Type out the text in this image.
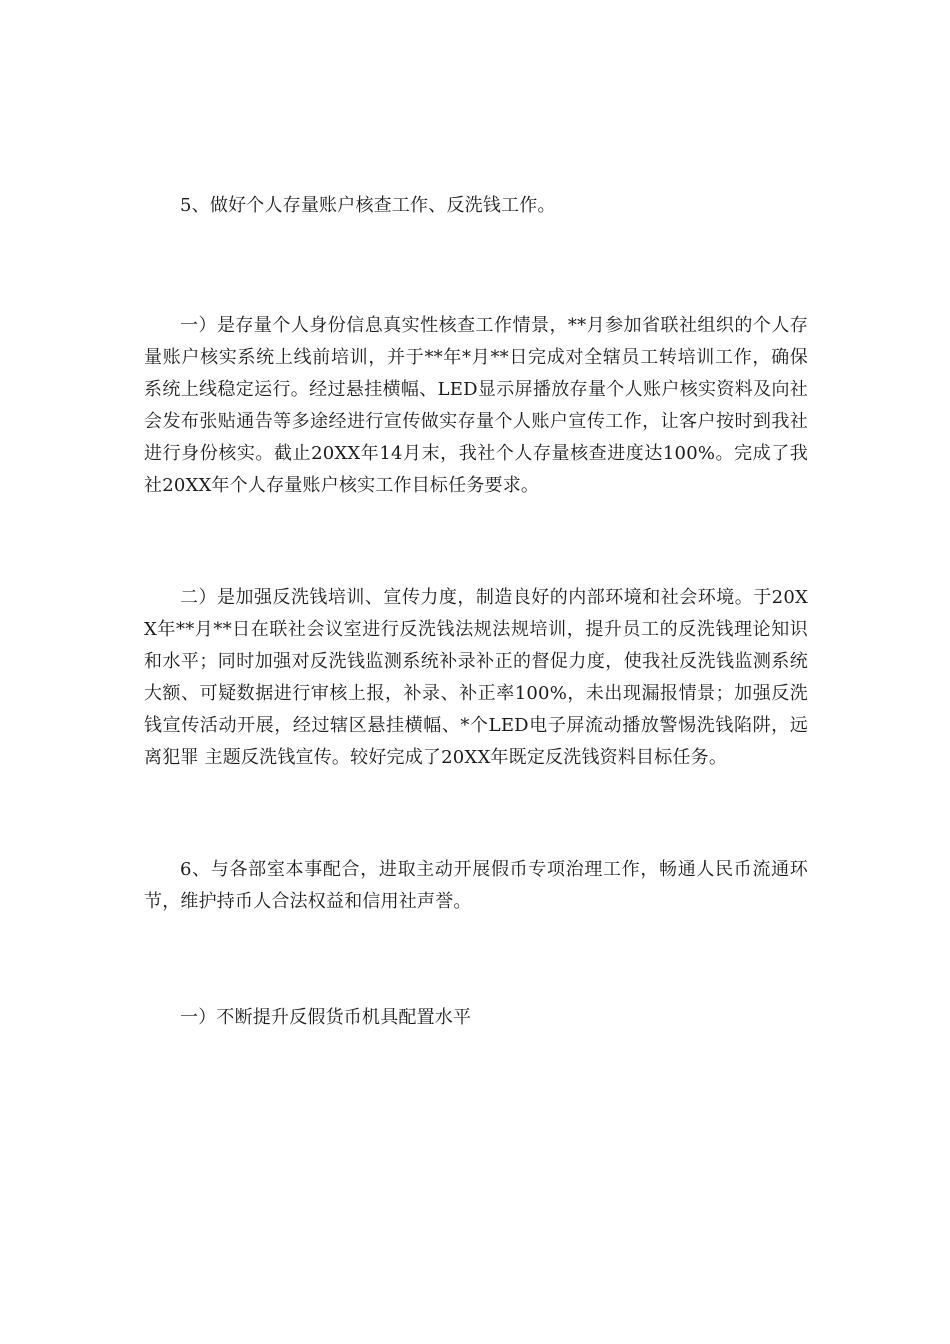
5、做好个人存量账户核查工作、反洗钱工作。

一）是存量个人身份信息真实性核查工作情景，**月参加省联社组织的个人存量账户核实系统上线前培训，并于**年*月**日完成对全辖员工转培训工作，确保系统上线稳定运行。经过悬挂横幅、LED显示屏播放存量个人账户核实资料及向社会发布张贴通告等多途经进行宣传做实存量个人账户宣传工作，让客户按时到我社进行身份核实。截止20XX年14月末，我社个人存量核查进度达100%。完成了我社20XX年个人存量账户核实工作目标任务要求。

二）是加强反洗钱培训、宣传力度，制造良好的内部环境和社会环境。于20XX年**月**日在联社会议室进行反洗钱法规法规培训，提升员工的反洗钱理论知识和水平；同时加强对反洗钱监测系统补录补正的督促力度，使我社反洗钱监测系统大额、可疑数据进行审核上报，补录、补正率100%，未出现漏报情景；加强反洗钱宣传活动开展，经过辖区悬挂横幅、*个LED电子屏流动播放警惕洗钱陷阱，远离犯罪 主题反洗钱宣传。较好完成了20XX年既定反洗钱资料目标任务。

6、与各部室本事配合，进取主动开展假币专项治理工作，畅通人民币流通环节，维护持币人合法权益和信用社声誉。

一）不断提升反假货币机具配置水平
